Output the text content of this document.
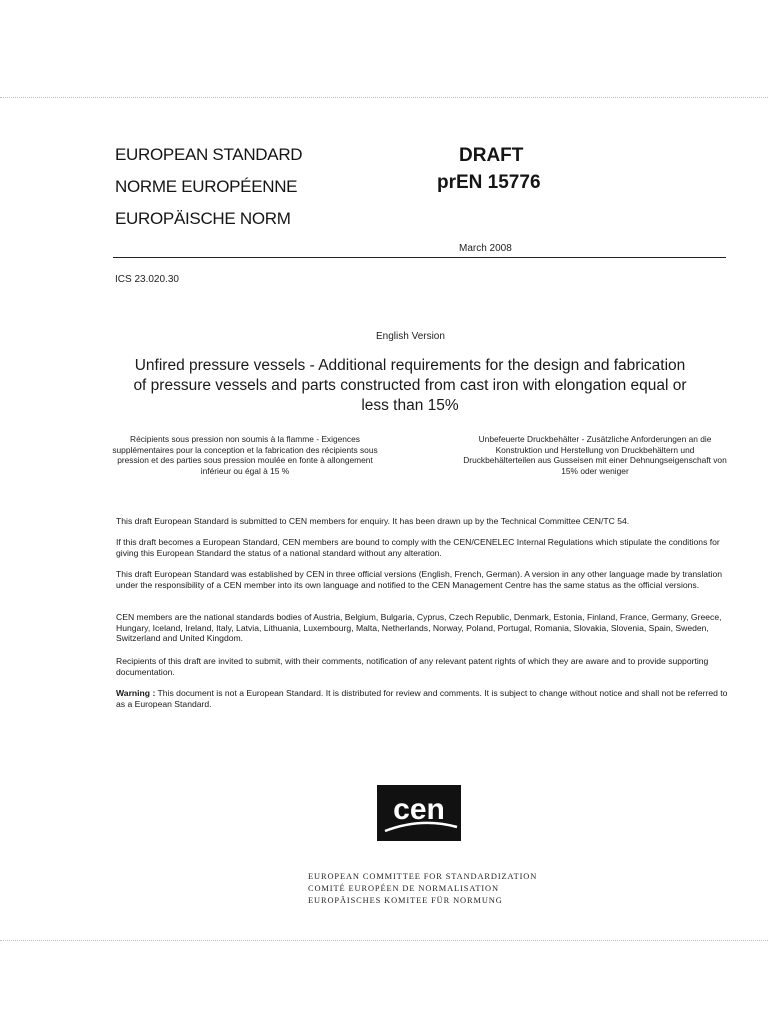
EUROPEAN STANDARD
NORME EUROPÉENNE
EUROPÄISCHE NORM
DRAFT
prEN 15776
March 2008
ICS 23.020.30
English Version
Unfired pressure vessels - Additional requirements for the design and fabrication of pressure vessels and parts constructed from cast iron with elongation equal or less than 15%
Récipients sous pression non soumis à la flamme - Exigences supplémentaires pour la conception et la fabrication des récipients sous pression et des parties sous pression moulée en fonte à allongement inférieur ou égal à 15 %
Unbefeuerte Druckbehälter - Zusätzliche Anforderungen an die Konstruktion und Herstellung von Druckbehältern und Druckbehälterteilen aus Gusseisen mit einer Dehnungseigenschaft von 15% oder weniger
This draft European Standard is submitted to CEN members for enquiry. It has been drawn up by the Technical Committee CEN/TC 54.
If this draft becomes a European Standard, CEN members are bound to comply with the CEN/CENELEC Internal Regulations which stipulate the conditions for giving this European Standard the status of a national standard without any alteration.
This draft European Standard was established by CEN in three official versions (English, French, German). A version in any other language made by translation under the responsibility of a CEN member into its own language and notified to the CEN Management Centre has the same status as the official versions.
CEN members are the national standards bodies of Austria, Belgium, Bulgaria, Cyprus, Czech Republic, Denmark, Estonia, Finland, France, Germany, Greece, Hungary, Iceland, Ireland, Italy, Latvia, Lithuania, Luxembourg, Malta, Netherlands, Norway, Poland, Portugal, Romania, Slovakia, Slovenia, Spain, Sweden, Switzerland and United Kingdom.
Recipients of this draft are invited to submit, with their comments, notification of any relevant patent rights of which they are aware and to provide supporting documentation.
Warning : This document is not a European Standard. It is distributed for review and comments. It is subject to change without notice and shall not be referred to as a European Standard.
cen
EUROPEAN COMMITTEE FOR STANDARDIZATION
COMITÉ EUROPÉEN DE NORMALISATION
EUROPÄISCHES KOMITEE FÜR NORMUNG
